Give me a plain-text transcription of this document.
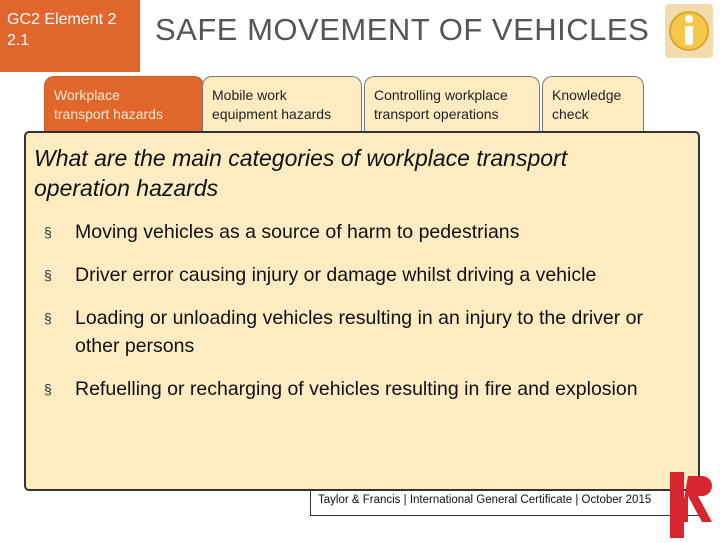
GC2 Element 2
2.1	SAFE MOVEMENT OF VEHICLES
Workplace
transport hazards
Mobile work
equipment hazards
Controlling workplace
transport operations
Knowledge
check
What are the main categories of workplace transport
operation hazards
§ Moving vehicles as a source of harm to pedestrians
§ Driver error causing injury or damage whilst driving a vehicle
§ Loading or unloading vehicles resulting in an injury to the driver or other persons
§ Refuelling or recharging of vehicles resulting in fire and explosion
Taylor & Francis | International General Certificate | October 2015
